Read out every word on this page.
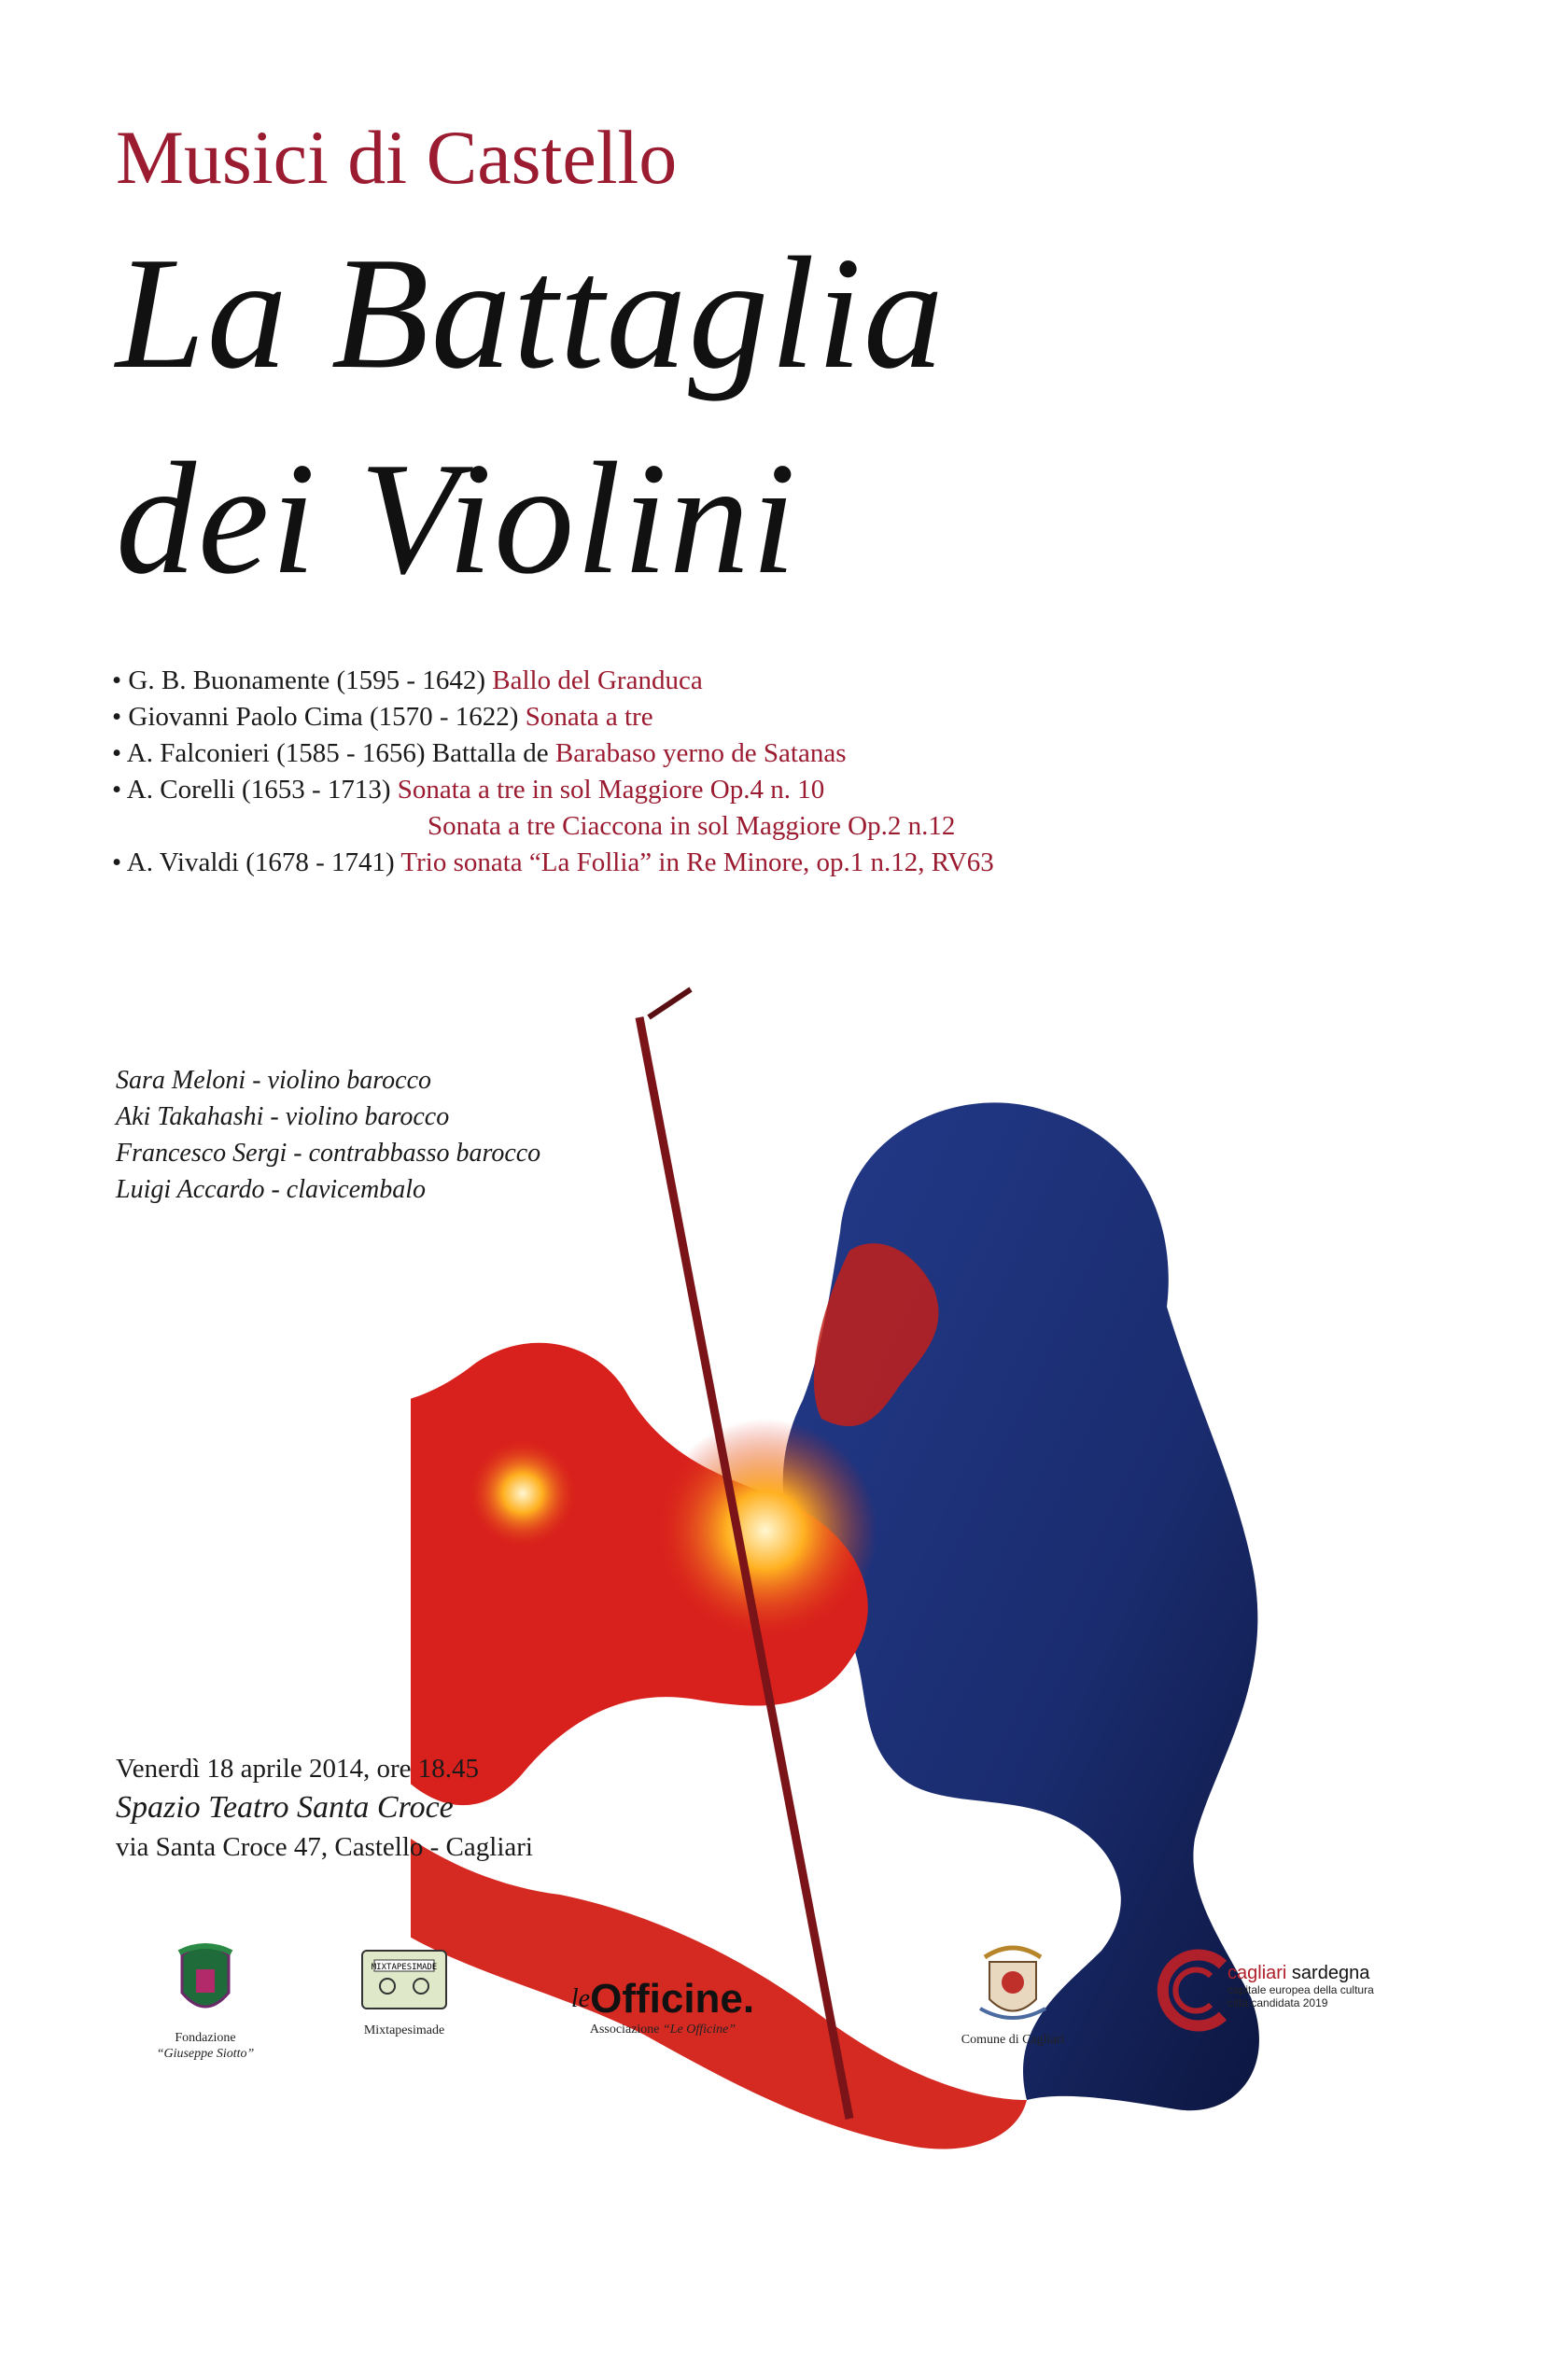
Musici di Castello
La Battaglia
dei Violini
• G. B. Buonamente (1595 - 1642) Ballo del Granduca
• Giovanni Paolo Cima (1570 - 1622) Sonata a tre
• A. Falconieri (1585 - 1656) Battalla de Barabaso yerno de Satanas
• A. Corelli (1653 - 1713) Sonata a tre in sol Maggiore Op.4 n. 10
Sonata a tre Ciaccona in sol Maggiore Op.2 n.12
• A. Vivaldi (1678 - 1741) Trio sonata “La Follia” in Re Minore, op.1 n.12, RV63
Sara Meloni - violino barocco
Aki Takahashi - violino barocco
Francesco Sergi - contrabbasso barocco
Luigi Accardo - clavicembalo
Venerdì 18 aprile 2014, ore 18.45
Spazio Teatro Santa Croce
via Santa Croce 47, Castello - Cagliari
Fondazione
“Giuseppe Siotto”
MIXTAPESIMADE
Mixtapesimade
$^{le}$Officine.
Associazione “Le Officine”
Comune di Cagliari
cagliari sardegna
capitale europea della cultura
città candidata 2019
